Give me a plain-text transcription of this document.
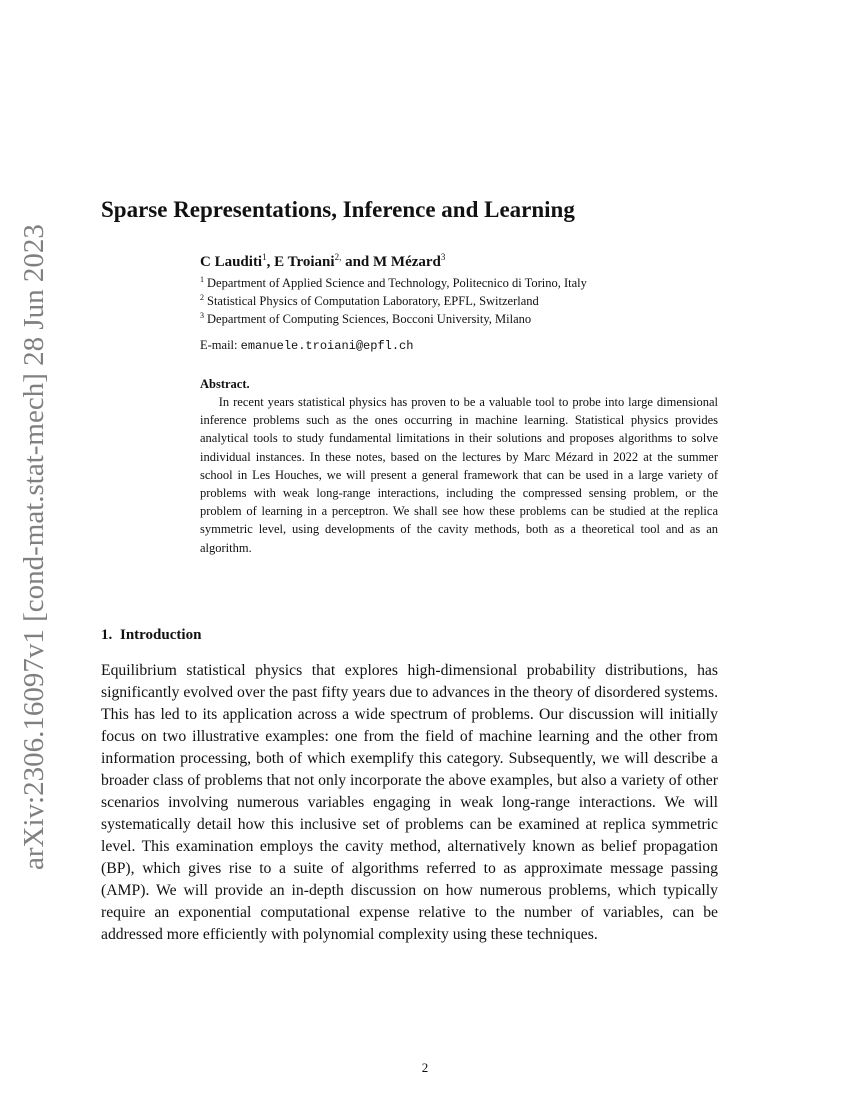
arXiv:2306.16097v1 [cond-mat.stat-mech] 28 Jun 2023
Sparse Representations, Inference and Learning
C Lauditi$^1$, E Troiani$^{2,}$ and M Mézard$^3$
$^1$ Department of Applied Science and Technology, Politecnico di Torino, Italy
$^2$ Statistical Physics of Computation Laboratory, EPFL, Switzerland
$^3$ Department of Computing Sciences, Bocconi University, Milano
E-mail: emanuele.troiani@epfl.ch
Abstract.

In recent years statistical physics has proven to be a valuable tool to probe into large dimensional inference problems such as the ones occurring in machine learning. Statistical physics provides analytical tools to study fundamental limitations in their solutions and proposes algorithms to solve individual instances. In these notes, based on the lectures by Marc Mézard in 2022 at the summer school in Les Houches, we will present a general framework that can be used in a large variety of problems with weak long-range interactions, including the compressed sensing problem, or the problem of learning in a perceptron. We shall see how these problems can be studied at the replica symmetric level, using developments of the cavity methods, both as a theoretical tool and as an algorithm.

1. Introduction

Equilibrium statistical physics that explores high-dimensional probability distributions, has significantly evolved over the past fifty years due to advances in the theory of disordered systems. This has led to its application across a wide spectrum of problems. Our discussion will initially focus on two illustrative examples: one from the field of machine learning and the other from information processing, both of which exemplify this category. Subsequently, we will describe a broader class of problems that not only incorporate the above examples, but also a variety of other scenarios involving numerous variables engaging in weak long-range interactions. We will systematically detail how this inclusive set of problems can be examined at replica symmetric level. This examination employs the cavity method, alternatively known as belief propagation (BP), which gives rise to a suite of algorithms referred to as approximate message passing (AMP). We will provide an in-depth discussion on how numerous problems, which typically require an exponential computational expense relative to the number of variables, can be addressed more efficiently with polynomial complexity using these techniques.

2
